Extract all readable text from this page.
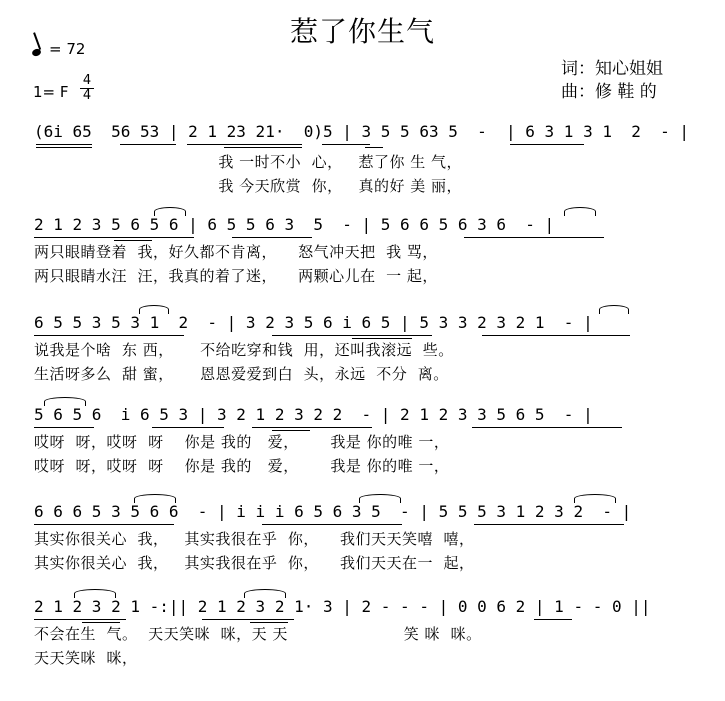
惹了你生气
= 72
1= F
4
4
词：知心姐姐
曲：修 鞋 的
(6i 65  56 53 | 2 1 23 21·  0)5 | 3 5 5 63 5  -  | 6 3 1 3 1  2  - |
我 一时不小  心，   惹了你 生 气，
我 今天欣赏  你，   真的好 美 丽，
2 1 2 3 5 6 5 6 | 6 5 5 6 3  5  - | 5 6 6 5 6 3 6  - |
两只眼睛登着  我，好久都不肯离，    怒气冲天把  我 骂，
两只眼睛水汪  汪，我真的着了迷，    两颗心儿在  一 起，
6 5 5 3 5 3 1  2  - | 3 2 3 5 6 i 6 5 | 5 3 3 2 3 2 1  - |
说我是个啥  东 西，     不给吃穿和钱  用，还叫我滚远  些。
生活呀多么  甜 蜜，     恩恩爱爱到白  头，永远  不分  离。
5 6 5 6  i 6 5 3 | 3 2 1 2 3 2 2  - | 2 1 2 3 3 5 6 5  - |
哎呀  呀，哎呀  呀    你是 我的   爱，      我是 你的唯 一，
哎呀  呀，哎呀  呀    你是 我的   爱，      我是 你的唯 一，
6 6 6 5 3 5 6 6  - | i i i 6 5 6 3 5  - | 5 5 5 3 1 2 3 2  - |
其实你很关心  我，   其实我很在乎  你，    我们天天笑嘻  嘻，
其实你很关心  我，   其实我很在乎  你，    我们天天在一  起，
2 1 2 3 2 1 -:|| 2 1 2 3 2 1· 3 | 2 - - - | 0 0 6 2 | 1 - - 0 ||
不会在生  气。  天天笑咪  咪，天 天                      笑 咪  咪。
天天笑咪  咪，
